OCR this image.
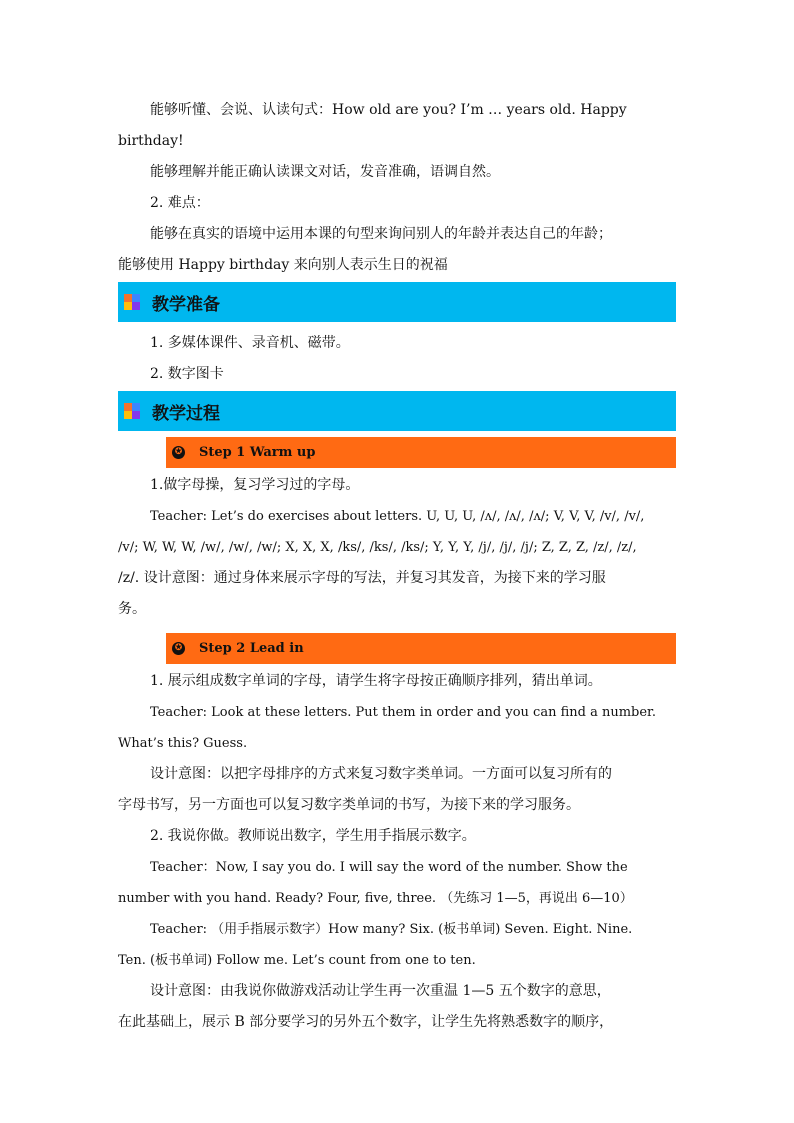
能够听懂、会说、认读句式：How old are you? I’m … years old. Happy
birthday!
能够理解并能正确认读课文对话，发音准确，语调自然。
2. 难点：
能够在真实的语境中运用本课的句型来询问别人的年龄并表达自己的年龄；
能够使用 Happy birthday 来向别人表示生日的祝福
教学准备
1. 多媒体课件、录音机、磁带。
2. 数字图卡
教学过程
✪ Step 1 Warm up
1.做字母操，复习学习过的字母。
Teacher: Let’s do exercises about letters. U, U, U, /ʌ/, /ʌ/, /ʌ/; V, V, V, /v/, /v/,
/v/; W, W, W, /w/, /w/, /w/; X, X, X, /ks/, /ks/, /ks/; Y, Y, Y, /j/, /j/, /j/; Z, Z, Z, /z/, /z/,
/z/. 设计意图：通过身体来展示字母的写法，并复习其发音，为接下来的学习服
务。
✪ Step 2 Lead in
1. 展示组成数字单词的字母，请学生将字母按正确顺序排列，猜出单词。
Teacher: Look at these letters. Put them in order and you can find a number.
What’s this? Guess.
设计意图：以把字母排序的方式来复习数字类单词。一方面可以复习所有的
字母书写，另一方面也可以复习数字类单词的书写，为接下来的学习服务。
2. 我说你做。教师说出数字，学生用手指展示数字。
Teacher：Now, I say you do. I will say the word of the number. Show the
number with you hand. Ready? Four, five, three. （先练习 1—5，再说出 6—10）
Teacher: （用手指展示数字）How many? Six. (板书单词) Seven. Eight. Nine.
Ten. (板书单词) Follow me. Let’s count from one to ten.
设计意图：由我说你做游戏活动让学生再一次重温 1—5 五个数字的意思，
在此基础上，展示 B 部分要学习的另外五个数字，让学生先将熟悉数字的顺序，
